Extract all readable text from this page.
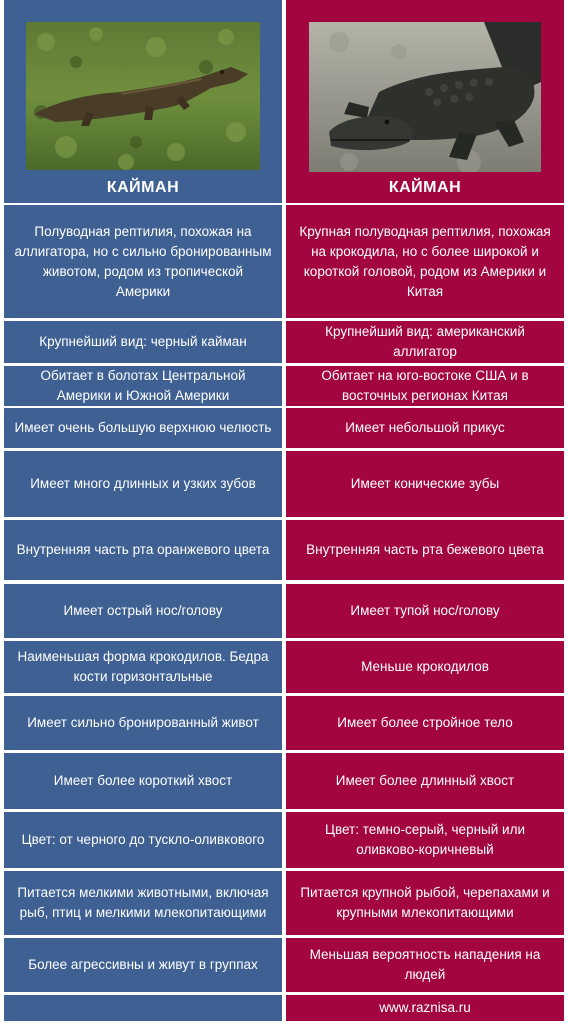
КАЙМАН
Полуводная рептилия, похожая на аллигатора, но с сильно бронированным животом, родом из тропической Америки
Крупнейший вид: черный кайман
Обитает в болотах Центральной Америки и Южной Америки
Имеет очень большую верхнюю челюсть
Имеет много длинных и узких зубов
Внутренняя часть рта оранжевого цвета
Имеет острый нос/голову
Наименьшая форма крокодилов. Бедра кости горизонтальные
Имеет сильно бронированный живот
Имеет более короткий хвост
Цвет: от черного до тускло-оливкового
Питается мелкими животными, включая рыб, птиц и мелкими млекопитающими
Более агрессивны и живут в группах
КАЙМАН
Крупная полуводная рептилия, похожая на крокодила, но с более широкой и короткой головой, родом из Америки и Китая
Крупнейший вид: американский аллигатор
Обитает на юго-востоке США и в восточных регионах Китая
Имеет небольшой прикус
Имеет конические зубы
Внутренняя часть рта бежевого цвета
Имеет тупой нос/голову
Меньше крокодилов
Имеет более стройное тело
Имеет более длинный хвост
Цвет: темно-серый, черный или оливково-коричневый
Питается крупной рыбой, черепахами и крупными млекопитающими
Меньшая вероятность нападения на людей
www.raznisa.ru
